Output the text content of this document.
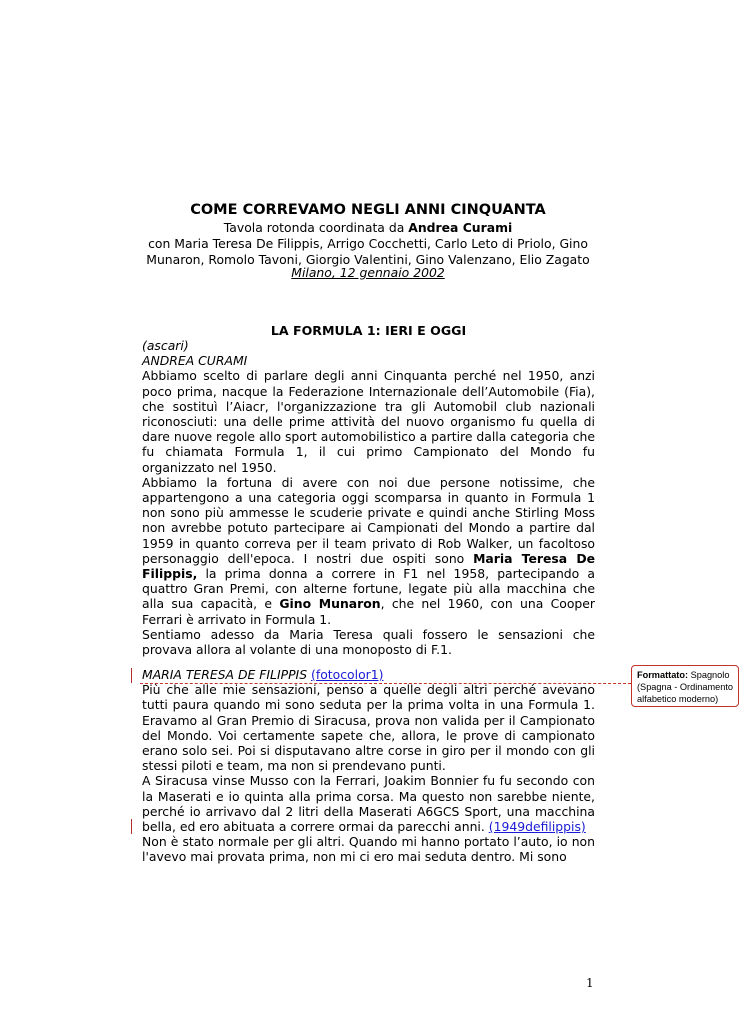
COME CORREVAMO NEGLI ANNI CINQUANTA
Tavola rotonda coordinata da Andrea Curami
con Maria Teresa De Filippis, Arrigo Cocchetti, Carlo Leto di Priolo, Gino Munaron, Romolo Tavoni, Giorgio Valentini, Gino Valenzano, Elio Zagato
Milano, 12 gennaio 2002
LA FORMULA 1: IERI E OGGI
(ascari)
ANDREA CURAMI
Abbiamo scelto di parlare degli anni Cinquanta perché nel 1950, anzi poco prima, nacque la Federazione Internazionale dell’Automobile (Fia), che sostituì l’Aiacr, l'organizzazione tra gli Automobil club nazionali riconosciuti: una delle prime attività del nuovo organismo fu quella di dare nuove regole allo sport automobilistico a partire dalla categoria che fu chiamata Formula 1, il cui primo Campionato del Mondo fu organizzato nel 1950.
Abbiamo la fortuna di avere con noi due persone notissime, che appartengono a una categoria oggi scomparsa in quanto in Formula 1 non sono più ammesse le scuderie private e quindi anche Stirling Moss non avrebbe potuto partecipare ai Campionati del Mondo a partire dal 1959 in quanto correva per il team privato di Rob Walker, un facoltoso personaggio dell'epoca. I nostri due ospiti sono Maria Teresa De Filippis, la prima donna a correre in F1 nel 1958, partecipando a quattro Gran Premi, con alterne fortune, legate più alla macchina che alla sua capacità, e Gino Munaron, che nel 1960, con una Cooper Ferrari è arrivato in Formula 1.
Sentiamo adesso da Maria Teresa quali fossero le sensazioni che provava allora al volante di una monoposto di F.1.
MARIA TERESA DE FILIPPIS (fotocolor1)
Più che alle mie sensazioni, penso a quelle degli altri perché avevano tutti paura quando mi sono seduta per la prima volta in una Formula 1. Eravamo al Gran Premio di Siracusa, prova non valida per il Campionato del Mondo. Voi certamente sapete che, allora, le prove di campionato erano solo sei. Poi si disputavano altre corse in giro per il mondo con gli stessi piloti e team, ma non si prendevano punti.
A Siracusa vinse Musso con la Ferrari, Joakim Bonnier fu fu secondo con la Maserati e io quinta alla prima corsa. Ma questo non sarebbe niente, perché io arrivavo dal 2 litri della Maserati A6GCS Sport, una macchina bella, ed ero abituata a correre ormai da parecchi anni. (1949defilippis)
Non è stato normale per gli altri. Quando mi hanno portato l’auto, io non l'avevo mai provata prima, non mi ci ero mai seduta dentro. Mi sono
Formattato: Spagnolo (Spagna - Ordinamento alfabetico moderno)
1
